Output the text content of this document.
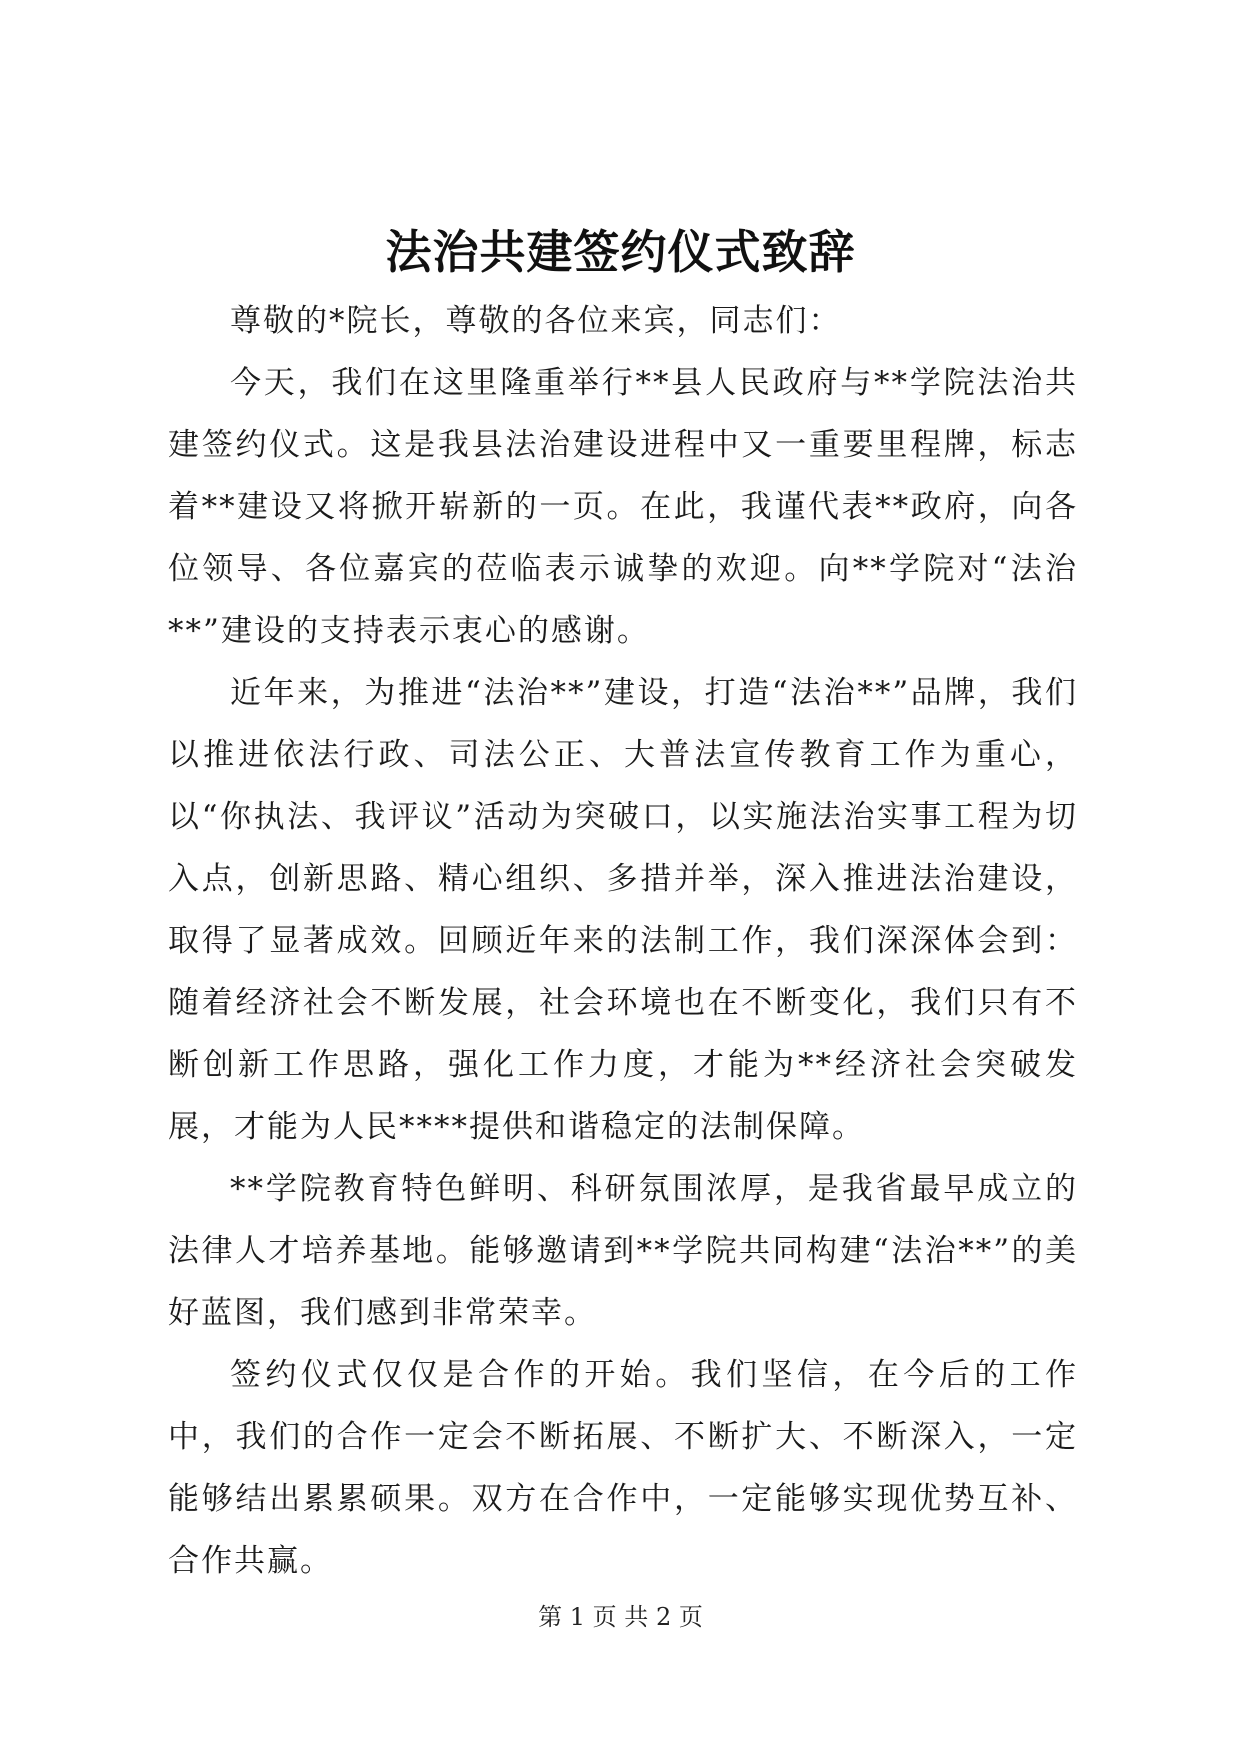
法治共建签约仪式致辞

尊敬的*院长，尊敬的各位来宾，同志们：

今天，我们在这里隆重举行**县人民政府与**学院法治共建签约仪式。这是我县法治建设进程中又一重要里程牌，标志着**建设又将掀开崭新的一页。在此，我谨代表**政府，向各位领导、各位嘉宾的莅临表示诚挚的欢迎。向**学院对“法治**”建设的支持表示衷心的感谢。

近年来，为推进“法治**”建设，打造“法治**”品牌，我们以推进依法行政、司法公正、大普法宣传教育工作为重心，以“你执法、我评议”活动为突破口，以实施法治实事工程为切入点，创新思路、精心组织、多措并举，深入推进法治建设，取得了显著成效。回顾近年来的法制工作，我们深深体会到：随着经济社会不断发展，社会环境也在不断变化，我们只有不断创新工作思路，强化工作力度，才能为**经济社会突破发展，才能为人民****提供和谐稳定的法制保障。

**学院教育特色鲜明、科研氛围浓厚，是我省最早成立的法律人才培养基地。能够邀请到**学院共同构建“法治**”的美好蓝图，我们感到非常荣幸。

签约仪式仅仅是合作的开始。我们坚信，在今后的工作中，我们的合作一定会不断拓展、不断扩大、不断深入，一定能够结出累累硕果。双方在合作中，一定能够实现优势互补、合作共赢。

第 1 页 共 2 页
